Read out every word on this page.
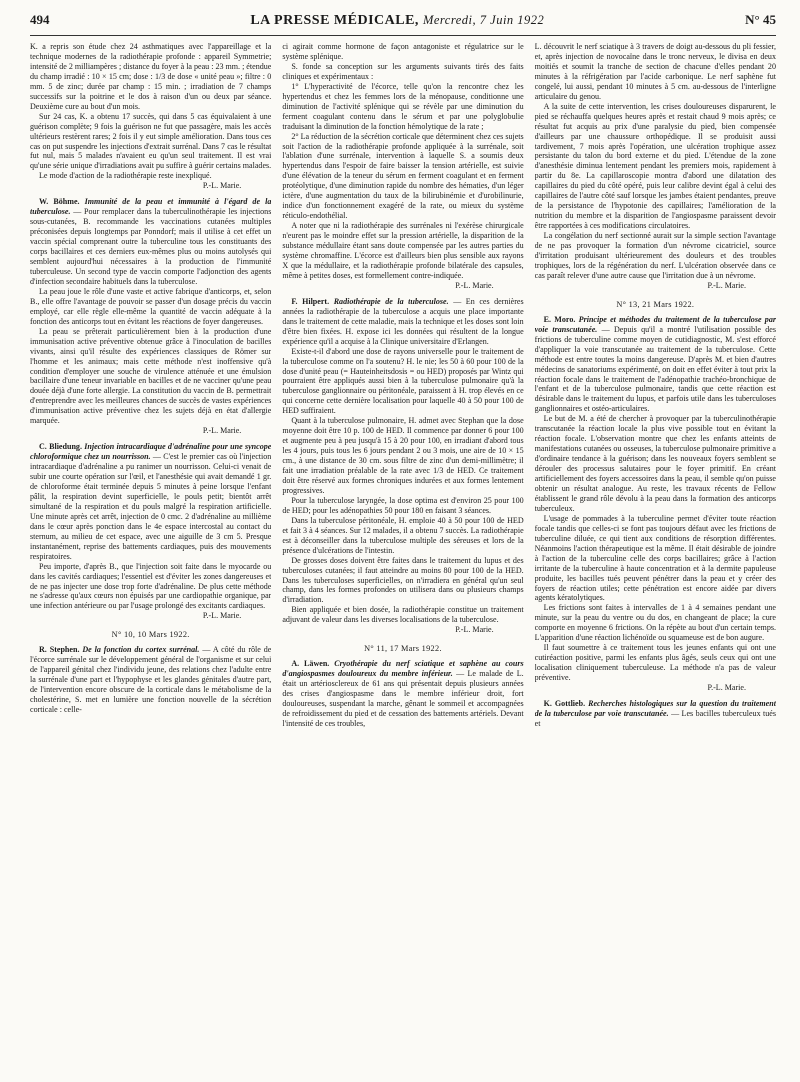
494	LA PRESSE MÉDICALE, Mercredi, 7 Juin 1922	N° 45

K. a repris son étude chez 24 asthmatiques avec l'appareillage et la technique modernes de la radiothérapie profonde : appareil Symmetrie; intensité de 2 milliampères ; distance du foyer à la peau : 23 mm. ; étendue du champ irradié : 10 × 15 cm; dose : 1/3 de dose « unité peau »; filtre : 0 mm. 5 de zinc; durée par champ : 15 min. ; irradiation de 7 champs successifs sur la poitrine et le dos à raison d'un ou deux par séance. Deuxième cure au bout d'un mois.

Sur 24 cas, K. a obtenu 17 succès, qui dans 5 cas équivalaient à une guérison complète; 9 fois la guérison ne fut que passagère, mais les accès ultérieurs restèrent rares; 2 fois il y eut simple amélioration. Dans tous ces cas on put suspendre les injections d'extrait surrénal. Dans 7 cas le résultat fut nul, mais 5 malades n'avaient eu qu'un seul traitement. Il est vrai qu'une série unique d'irradiations avait pu suffire à guérir certains malades.

Le mode d'action de la radiothérapie reste inexpliqué.

P.-L. Marie.

W. Böhme. Immunité de la peau et immunité à l'égard de la tuberculose. — Pour remplacer dans la tuberculinothérapie les injections sous-cutanées, B. recommande les vaccinations cutanées multiples préconisées depuis longtemps par Ponndorf; mais il utilise à cet effet un vaccin spécial comprenant outre la tuberculine tous les constituants des corps bacillaires et ces derniers eux-mêmes plus ou moins autolysés qui semblent aujourd'hui nécessaires à la production de l'immunité tuberculeuse. Un second type de vaccin comporte l'adjonction des agents d'infection secondaire habituels dans la tuberculose.

La peau joue le rôle d'une vaste et active fabrique d'anticorps, et, selon B., elle offre l'avantage de pouvoir se passer d'un dosage précis du vaccin employé, car elle règle elle-même la quantité de vaccin adéquate à la fonction des anticorps tout en évitant les réactions de foyer dangereuses.

La peau se prêterait particulièrement bien à la production d'une immunisation active préventive obtenue grâce à l'inoculation de bacilles vivants, ainsi qu'il résulte des expériences classiques de Römer sur l'homme et les animaux; mais cette méthode n'est inoffensive qu'à condition d'employer une souche de virulence atténuée et une émulsion bacillaire d'une teneur invariable en bacilles et de ne vacciner qu'une peau douée déjà d'une forte allergie. La constitution du vaccin de B. permettrait d'entreprendre avec les meilleures chances de succès de vastes expériences d'immunisation active préventive chez les sujets déjà en état d'allergie marquée.

P.-L. Marie.

C. Bliedung. Injection intracardiaque d'adrénaline pour une syncope chloroformique chez un nourrisson. — C'est le premier cas où l'injection intracardiaque d'adrénaline a pu ranimer un nourrisson. Celui-ci venait de subir une courte opération sur l'œil, et l'anesthésie qui avait demandé 1 gr. de chloroforme était terminée depuis 5 minutes à peine lorsque l'enfant pâlit, la respiration devint superficielle, le pouls petit; bientôt arrêt simultané de la respiration et du pouls malgré la respiration artificielle. Une minute après cet arrêt, injection de 0 cmc. 2 d'adrénaline au millième dans le cœur après ponction dans le 4e espace intercostal au contact du sternum, au milieu de cet espace, avec une aiguille de 3 cm 5. Presque instantanément, reprise des battements cardiaques, puis des mouvements respiratoires.

Peu importe, d'après B., que l'injection soit faite dans le myocarde ou dans les cavités cardiaques; l'essentiel est d'éviter les zones dangereuses et de ne pas injecter une dose trop forte d'adrénaline. De plus cette méthode ne s'adresse qu'aux cœurs non épuisés par une cardiopathie organique, par une infection antérieure ou par l'usage prolongé des excitants cardiaques.

P.-L. Marie.
N° 10, 10 Mars 1922.

R. Stephen. De la fonction du cortex surrénal. — A côté du rôle de l'écorce surrénale sur le développement général de l'organisme et sur celui de l'appareil génital chez l'individu jeune, des relations chez l'adulte entre la surrénale d'une part et l'hypophyse et les glandes génitales d'autre part, de l'intervention encore obscure de la corticale dans le métabolisme de la cholestérine, S. met en lumière une fonction nouvelle de la sécrétion corticale : celle-

ci agirait comme hormone de façon antagoniste et régulatrice sur le système splénique.

S. fonde sa conception sur les arguments suivants tirés des faits cliniques et expérimentaux :

1° L'hyperactivité de l'écorce, telle qu'on la rencontre chez les hypertendus et chez les femmes lors de la ménopause, conditionne une diminution de l'activité splénique qui se révèle par une diminution du ferment coagulant contenu dans le sérum et par une polyglobulie traduisant la diminution de la fonction hémolytique de la rate ;

2° La réduction de la sécrétion corticale que déterminent chez ces sujets soit l'action de la radiothérapie profonde appliquée à la surrénale, soit l'ablation d'une surrénale, intervention à laquelle S. a soumis deux hypertendus dans l'espoir de faire baisser la tension artérielle, est suivie d'une élévation de la teneur du sérum en ferment coagulant et en ferment protéolytique, d'une diminution rapide du nombre des hématies, d'un léger ictère, d'une augmentation du taux de la bilirubinémie et d'urobilinurie, indice d'un fonctionnement exagéré de la rate, ou mieux du système réticulo-endothélial.

A noter que ni la radiothérapie des surrénales ni l'exérèse chirurgicale n'eurent pas le moindre effet sur la pression artérielle, la disparition de la substance médullaire étant sans doute compensée par les autres parties du système chromaffine. L'écorce est d'ailleurs bien plus sensible aux rayons X que la médullaire, et la radiothérapie profonde bilatérale des capsules, même à petites doses, est formellement contre-indiquée.

P.-L. Marie.

F. Hilpert. Radiothérapie de la tuberculose. — En ces dernières années la radiothérapie de la tuberculose a acquis une place importante dans le traitement de cette maladie, mais la technique et les doses sont loin d'être bien fixées. H. expose ici les données qui résultent de la longue expérience qu'il a acquise à la Clinique universitaire d'Erlangen.

Existe-t-il d'abord une dose de rayons universelle pour le traitement de la tuberculose comme on l'a soutenu? H. le nie; les 50 à 60 pour 100 de la dose d'unité peau (= Hauteinheitsdosis = ou HED) proposés par Wintz qui pourraient être appliqués aussi bien à la tuberculose pulmonaire qu'à la tuberculose ganglionnaire ou péritonéale, paraissent à H. trop élevés en ce qui concerne cette dernière localisation pour laquelle 40 à 50 pour 100 de HED suffiraient.

Quant à la tuberculose pulmonaire, H. admet avec Stephan que la dose moyenne doit être 10 p. 100 de HED. Il commence par donner 6 pour 100 et augmente peu à peu jusqu'à 15 à 20 pour 100, en irradiant d'abord tous les 4 jours, puis tous les 6 jours pendant 2 ou 3 mois, une aire de 10 × 15 cm., à une distance de 30 cm. sous filtre de zinc d'un demi-millimètre; il fait une irradiation préalable de la rate avec 1/3 de HED. Ce traitement doit être réservé aux formes chroniques indurées et aux formes lentement progressives.

Pour la tuberculose laryngée, la dose optima est d'environ 25 pour 100 de HED; pour les adénopathies 50 pour 180 en faisant 3 séances.

Dans la tuberculose péritonéale, H. emploie 40 à 50 pour 100 de HED et fait 3 à 4 séances. Sur 12 malades, il a obtenu 7 succès. La radiothérapie est à déconseiller dans la tuberculose multiple des séreuses et lors de la présence d'ulcérations de l'intestin.

De grosses doses doivent être faites dans le traitement du lupus et des tuberculoses cutanées; il faut atteindre au moins 80 pour 100 de la HED. Dans les tuberculoses superficielles, on n'irradiera en général qu'un seul champ, dans les formes profondes on utilisera dans ou plusieurs champs d'irradiation.

Bien appliquée et bien dosée, la radiothérapie constitue un traitement adjuvant de valeur dans les diverses localisations de la tuberculose.

P.-L. Marie.
N° 11, 17 Mars 1922.

A. Läwen. Cryothérapie du nerf sciatique et saphène au cours d'angiospasmes douloureux du membre inférieur. — Le malade de L. était un artériosclereux de 61 ans qui présentait depuis plusieurs années des crises d'angiospasme dans le membre inférieur droit, fort douloureuses, suspendant la marche, gênant le sommeil et accompagnées de refroidissement du pied et de cessation des battements artériels. Devant l'intensité de ces troubles,

L. découvrit le nerf sciatique à 3 travers de doigt au-dessous du pli fessier, et, après injection de novocaïne dans le tronc nerveux, le divisa en deux moitiés et soumit la tranche de section de chacune d'elles pendant 20 minutes à la réfrigération par l'acide carbonique. Le nerf saphène fut congelé, lui aussi, pendant 10 minutes à 5 cm. au-dessous de l'interligne articulaire du genou.

A la suite de cette intervention, les crises douloureuses disparurent, le pied se réchauffa quelques heures après et restait chaud 9 mois après; ce résultat fut acquis au prix d'une paralysie du pied, bien compensée d'ailleurs par une chaussure orthopédique. Il se produisit aussi tardivement, 7 mois après l'opération, une ulcération trophique assez persistante du talon du bord externe et du pied. L'étendue de la zone d'anesthésie diminua lentement pendant les premiers mois, rapidement à partir du 8e. La capillaroscopie montra d'abord une dilatation des capillaires du pied du côté opéré, puis leur calibre devint égal à celui des capillaires de l'autre côté sauf lorsque les jambes étaient pendantes, preuve de la persistance de l'hypotonie des capillaires; l'amélioration de la nutrition du membre et la disparition de l'angiospasme paraissent devoir être rapportées à ces modifications circulatoires.

La congélation du nerf sectionné aurait sur la simple section l'avantage de ne pas provoquer la formation d'un névrome cicatriciel, source d'irritation produisant ultérieurement des douleurs et des troubles trophiques, lors de la régénération du nerf. L'ulcération observée dans ce cas paraît relever d'une autre cause que l'irritation due à un névrome.

P.-L. Marie.
N° 13, 21 Mars 1922.

E. Moro. Principe et méthodes du traitement de la tuberculose par voie transcutanée. — Depuis qu'il a montré l'utilisation possible des frictions de tuberculine comme moyen de cutidiagnostic, M. s'est efforcé d'appliquer la voie transcutanée au traitement de la tuberculose. Cette méthode est entre toutes la moins dangereuse. D'après M. et bien d'autres médecins de sanatoriums expérimenté, on doit en effet éviter à tout prix la réaction focale dans le traitement de l'adénopathie trachéo-bronchique de l'enfant et de la tuberculose pulmonaire, tandis que cette réaction est désirable dans le traitement du lupus, et parfois utile dans les tuberculoses ganglionnaires et ostéo-articulaires.

Le but de M. a été de chercher à provoquer par la tuberculinothérapie transcutanée la réaction locale la plus vive possible tout en évitant la réaction focale. L'observation montre que chez les enfants atteints de manifestations cutanées ou osseuses, la tuberculose pulmonaire primitive a d'ordinaire tendance à la guérison; dans les nouveaux foyers semblent se dérouler des processus salutaires pour le foyer primitif. En créant artificiellement des foyers accessoires dans la peau, il semble qu'on puisse obtenir un résultat analogue. Au reste, les travaux récents de Fellow établissent le grand rôle dévolu à la peau dans la formation des anticorps tuberculeux.

L'usage de pommades à la tuberculine permet d'éviter toute réaction focale tandis que celles-ci se font pas toujours défaut avec les frictions de tuberculine diluée, ce qui tient aux conditions de résorption différentes. Néanmoins l'action thérapeutique est la même. Il était désirable de joindre à l'action de la tuberculine celle des corps bacillaires; grâce à l'action irritante de la tuberculine à haute concentration et à la dermite papuleuse produite, les bacilles tués peuvent pénétrer dans la peau et y créer des foyers de réaction utiles; cette pénétration est encore aidée par divers agents kératolytiques.

Les frictions sont faites à intervalles de 1 à 4 semaines pendant une minute, sur la peau du ventre ou du dos, en changeant de place; la cure comporte en moyenne 6 frictions. On la répète au bout d'un certain temps. L'apparition d'une réaction lichénoïde ou squameuse est de bon augure.

Il faut soumettre à ce traitement tous les jeunes enfants qui ont une cutiréaction positive, parmi les enfants plus âgés, seuls ceux qui ont une localisation cliniquement tuberculeuse. La méthode n'a pas de valeur préventive.

P.-L. Marie.

K. Gottlieb. Recherches histologiques sur la question du traitement de la tuberculose par voie transcutanée. — Les bacilles tuberculeux tués et
